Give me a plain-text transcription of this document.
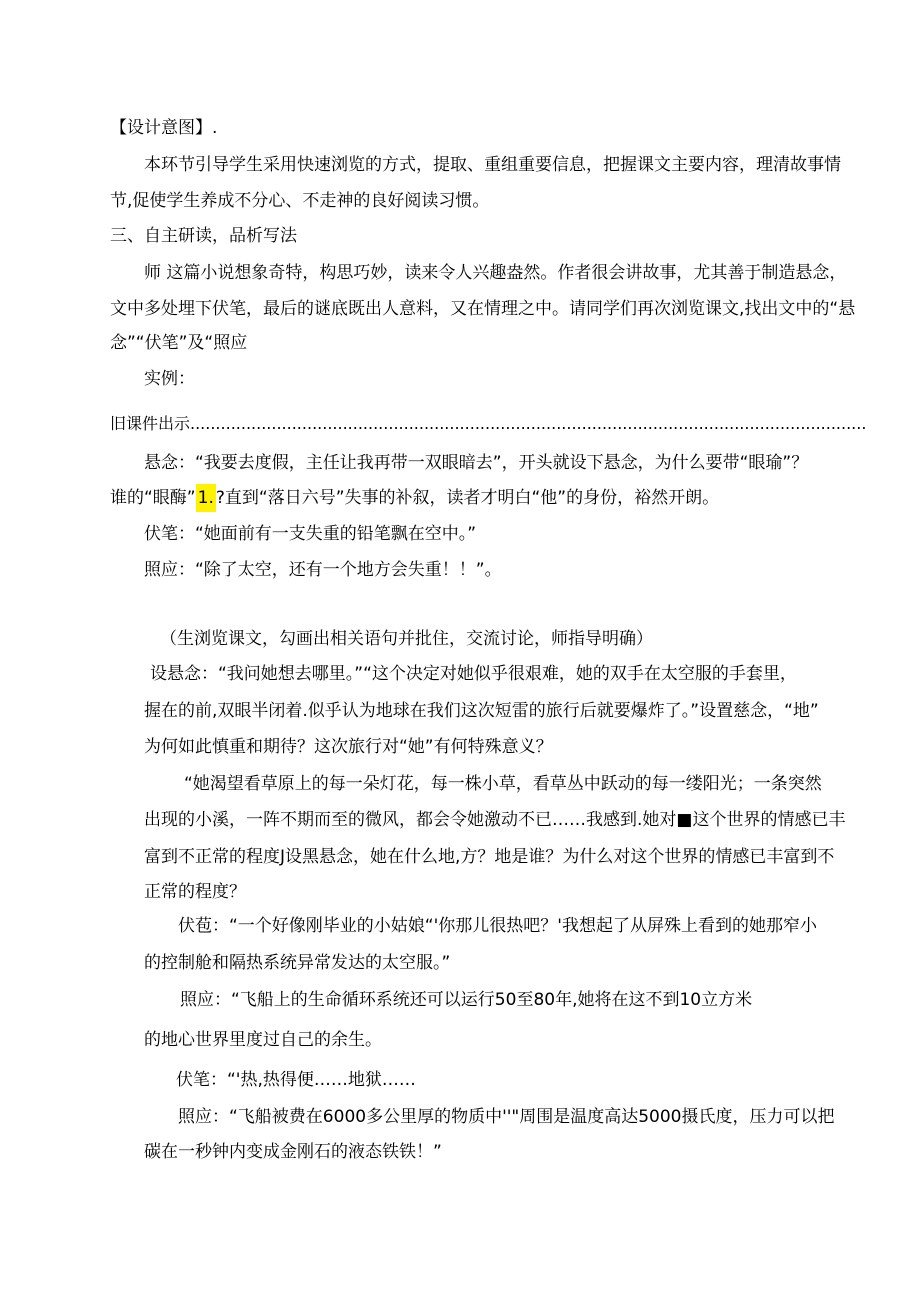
【设计意图】.
本环节引导学生采用快速浏览的方式，提取、重组重要信息，把握课文主要内容，理清故事情
节,促使学生养成不分心、不走神的良好阅读习惯。
三、自主研读，品析写法
师 这篇小说想象奇特，构思巧妙，读来令人兴趣盎然。作者很会讲故事，尤其善于制造悬念，
文中多处埋下伏笔，最后的谜底既出人意料，又在情理之中。请同学们再次浏览课文,找出文中的“悬
念”“伏笔”及“照应
实例：
旧课件出示.....................................................................................................................................
悬念：“我要去度假，主任让我再带一双眼暗去”，开头就设下悬念，为什么要带“眼瑜”？
谁的“眼酶” 1. ?直到“落日六号”失事的补叙，读者才明白“他”的身份，裕然开朗。
伏笔：“她面前有一支失重的铅笔飘在空中。”
照应：“除了太空，还有一个地方会失重！！”。
（生浏览课文，勾画出相关语句并批住，交流讨论，师指导明确）
设悬念：“我问她想去哪里。”“这个决定对她似乎很艰难，她的双手在太空服的手套里，
握在的前,双眼半闭着.似乎认为地球在我们这次短雷的旅行后就要爆炸了。”设置慈念，“地”
为何如此慎重和期待？这次旅行对“她”有何特殊意义？
“她渴望看草原上的每一朵灯花，每一株小草，看草丛中跃动的每一缕阳光；一条突然
出现的小溪，一阵不期而至的微风，都会令她激动不已……我感到.她对■这个世界的情感已丰
富到不正常的程度J设黑悬念，她在什么地,方？地是谁？为什么对这个世界的情感已丰富到不
正常的程度？
伏苞：“一个好像刚毕业的小姑娘“'你那儿很热吧？'我想起了从屏殊上看到的她那窄小
的控制舱和隔热系统异常发达的太空服。”
照应：“飞船上的生命循环系统还可以运行50至80年,她将在这不到10立方米
的地心世界里度过自己的余生。
伏笔：“'热,热得便……地狱……
照应：“飞船被费在6000多公里厚的物质中''"周围是温度高达5000摄氏度，压力可以把
碳在一秒钟内变成金刚石的液态铁铁！”
